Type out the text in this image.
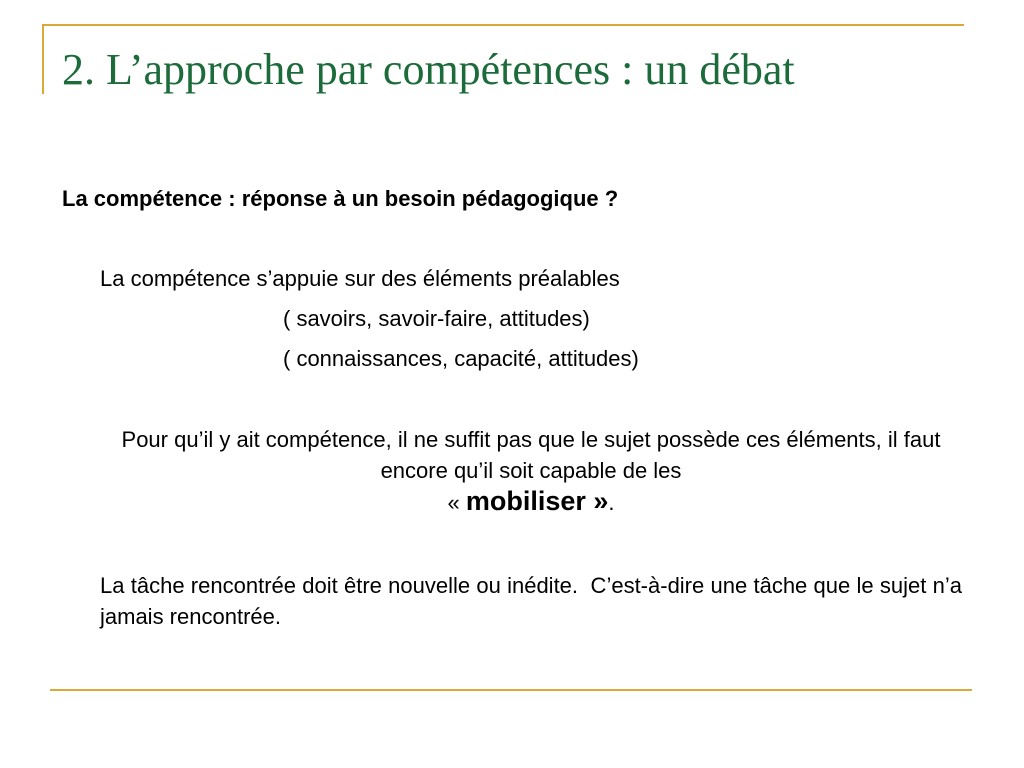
2. L’approche par compétences : un débat

La compétence : réponse à un besoin pédagogique ?

La compétence s’appuie sur des éléments préalables

( savoirs, savoir-faire, attitudes)

( connaissances, capacité, attitudes)

Pour qu’il y ait compétence, il ne suffit pas que le sujet possède ces éléments, il faut encore qu’il soit capable de les
« mobiliser ».

La tâche rencontrée doit être nouvelle ou inédite.  C’est-à-dire une tâche que le sujet n’a jamais rencontrée.
